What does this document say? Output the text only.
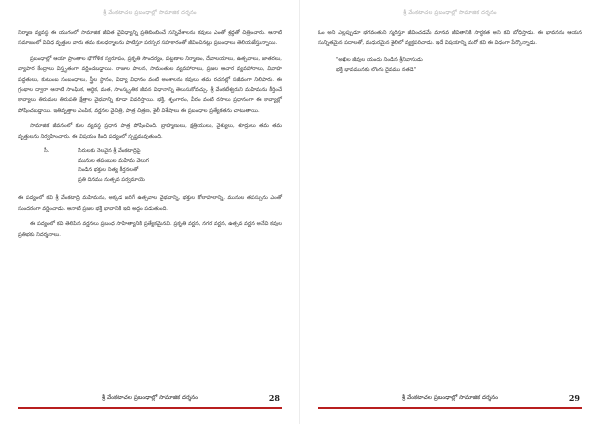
శ్రీ వేంకటాచల ప్రబంధాల్లో సామాజిక దర్శనం

నిర్మాణ వ్యవస్థ ఈ యుగంలో సామాజిక జీవిత వైవిధ్యాన్ని ప్రతిబింబించే సన్నివేశాలను కవులు ఎంతో శ్రద్ధతో చిత్రించారు. ఆనాటి సమాజంలో వివిధ వృత్తుల వారు తమ కులధర్మాలను పాటిస్తూ పరస్పర సహకారంతో జీవించినట్లు ప్రబంధాలు తెలియజేస్తున్నాయి.

ప్రబంధాల్లో ఆయా ప్రాంతాల భౌగోళిక స్వరూపం, ప్రకృతి సౌందర్యం, పట్టణాల నిర్మాణం, దేవాలయాలు, ఉత్సవాలు, జాతరలు, వ్యాపార కేంద్రాలు విస్తృతంగా వర్ణించబడ్డాయి. రాజుల పాలన, సామంతుల వ్యవహారాలు, ప్రజల ఆచార వ్యవహారాలు, వివాహ పద్ధతులు, కుటుంబ సంబంధాలు, స్త్రీల స్థానం, విద్యా విధానం వంటి అంశాలను కవులు తమ రచనల్లో సజీవంగా నిలిపారు. ఈ గ్రంథాల ద్వారా ఆనాటి సాంఘిక, ఆర్థిక, మత, సాంస్కృతిక జీవన విధానాన్ని తెలుసుకోవచ్చు. శ్రీ వేంకటేశ్వరుని మహిమను కీర్తించే కావ్యాలు తిరుమల తిరుపతి క్షేత్రాల వైభవాన్ని కూడా వివరిస్తాయి. భక్తి, శృంగారం, వీరం వంటి రసాలు ప్రధానంగా ఈ కావ్యాల్లో పోషించబడ్డాయి. ఇతివృత్తాల ఎంపిక, వర్ణనల వైచిత్రి, పాత్ర చిత్రణ, శైలీ విశేషాలు ఈ ప్రబంధాల ప్రత్యేకతను చాటుతాయి.

సామాజిక జీవనంలో కుల వ్యవస్థ ప్రధాన పాత్ర పోషించింది. బ్రాహ్మణులు, క్షత్రియులు, వైశ్యులు, శూద్రులు తమ తమ వృత్తులను నిర్వహించారు. ఈ విషయం కింది పద్యంలో స్పష్టమవుతుంది.

సీ.	సిరులకు నెలవైన శ్రీ వేంకటాద్రిపై
మునుల తపంబుల మహిమ వెలుగ
నిండిన భక్తుల నిత్య కీర్తనలతో
ప్రతి దినము నుత్సవ పర్వమాయె

ఈ పద్యంలో కవి శ్రీ వేంకటాద్రి మహిమను, అక్కడ జరిగే ఉత్సవాల వైభవాన్ని, భక్తుల కోలాహలాన్ని, మునుల తపస్సును ఎంతో సుందరంగా వర్ణించాడు. ఆనాటి ప్రజల భక్తి భావానికి ఇది అద్దం పడుతుంది.

ఈ పద్యంలో కవి తెలిపిన వర్ణనలు ప్రబంధ సాహిత్యానికి ప్రత్యేకమైనవి. ప్రకృతి వర్ణన, నగర వర్ణన, ఉత్సవ వర్ణన అనేవి కవుల ప్రతిభకు నిదర్శనాలు.

శ్రీ వేంకటాచల ప్రబంధాల్లో సామాజిక దర్శనం	28
శ్రీ వేంకటాచల ప్రబంధాల్లో సామాజిక దర్శనం

ఓం అని ఎల్లప్పుడూ భగవంతుని స్మరిస్తూ జీవించడమే మానవ జీవితానికి సార్థకత అని కవి బోధిస్తాడు. ఈ భావనను ఆయన సున్నితమైన పదాలతో, మధురమైన శైలిలో వ్యక్తపరిచాడు. ఇదే విషయాన్ని మరో కవి ఈ విధంగా పేర్కొన్నాడు.

"అఖిల జీవుల యందు నిండిన శ్రీనివాసుడు
భక్తి భావమునకు లొంగు దైవము నతడె"
శ్రీ వేంకటాచల ప్రబంధాల్లో సామాజిక దర్శనం	29
